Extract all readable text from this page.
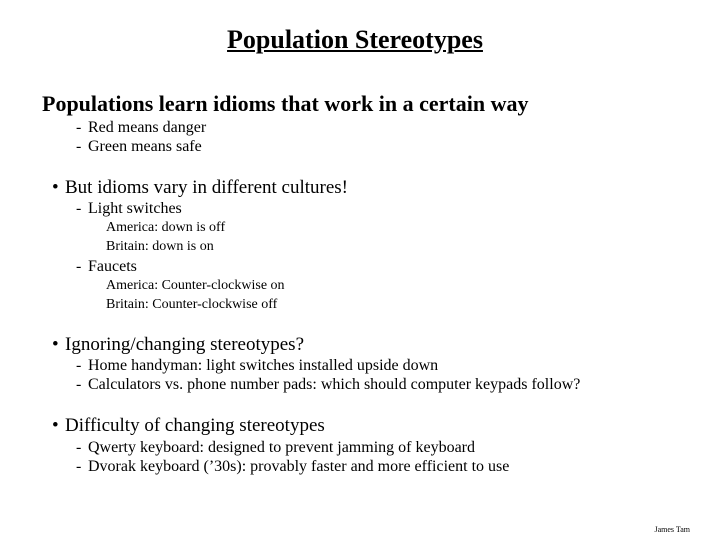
Population Stereotypes
Populations learn idioms that work in a certain way
- Red means danger
- Green means safe
• But idioms vary in different cultures!
- Light switches
America: down is off
Britain: down is on
- Faucets
America: Counter-clockwise on
Britain: Counter-clockwise off
• Ignoring/changing stereotypes?
- Home handyman: light switches installed upside down
- Calculators vs. phone number pads: which should computer keypads follow?
• Difficulty of changing stereotypes
- Qwerty keyboard: designed to prevent jamming of keyboard
- Dvorak keyboard (’30s): provably faster and more efficient to use
James Tam
